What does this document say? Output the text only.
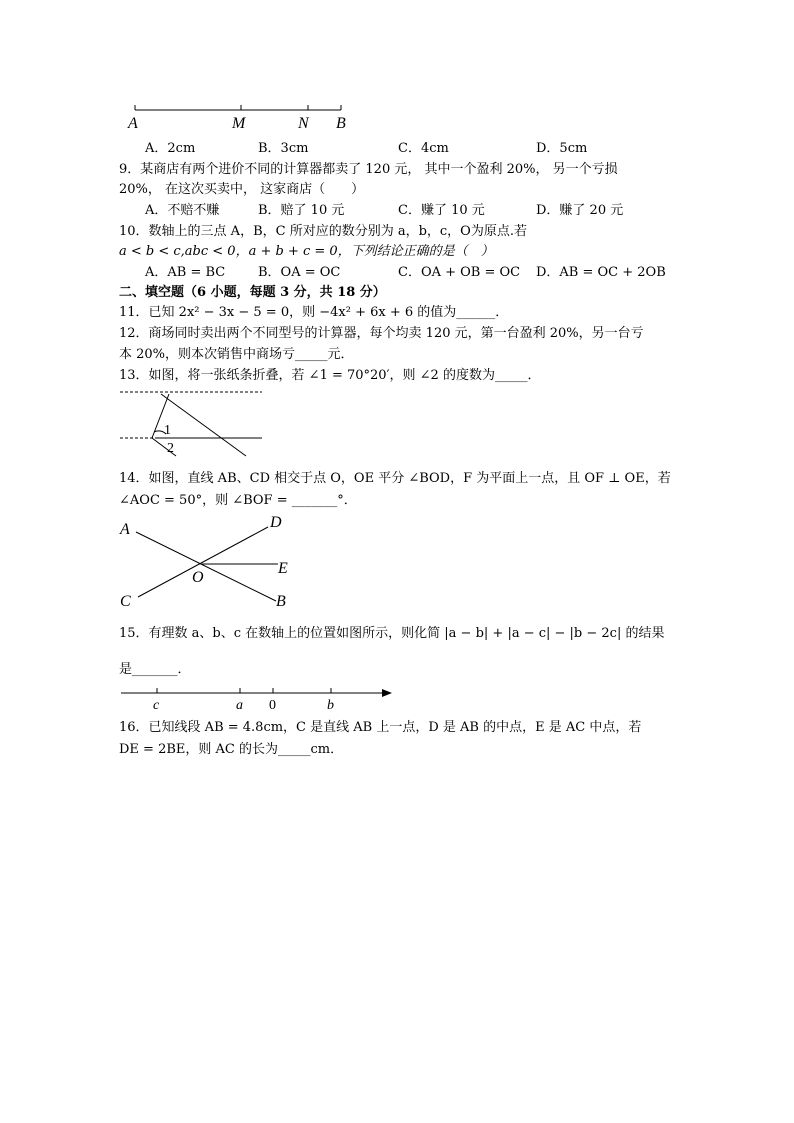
A	M	N B
A．2cm	B．3cm	C．4cm	D．5cm
9．某商店有两个进价不同的计算器都卖了 120 元， 其中一个盈利 20%， 另一个亏损
20%， 在这次买卖中， 这家商店（　　）
A．不赔不赚	B．赔了 10 元	C．赚了 10 元	D．赚了 20 元
10．数轴上的三点 A，B，C 所对应的数分别为 a，b，c，O为原点.若
a < b < c,abc < 0，a + b + c = 0，下列结论正确的是（　）
A．AB = BC	B．OA = OC	C．OA + OB = OC D．AB = OC + 2OB
二、填空题（6 小题，每题 3 分，共 18 分）
11．已知 2x² − 3x − 5 = 0，则 −4x² + 6x + 6 的值为______．
12．商场同时卖出两个不同型号的计算器，每个均卖 120 元，第一台盈利 20%，另一台亏
本 20%，则本次销售中商场亏_____元．
13．如图，将一张纸条折叠，若 ∠1 = 70°20′，则 ∠2 的度数为_____．
1
2
14．如图，直线 AB、CD 相交于点 O，OE 平分 ∠BOD，F 为平面上一点，且 OF ⊥ OE，若
∠AOC = 50°，则 ∠BOF = _______°．
A	D
E
O
C	B
15．有理数 a、b、c 在数轴上的位置如图所示，则化简 |a − b| + |a − c| − |b − 2c| 的结果
是_______．
c	a 0	b
16．已知线段 AB = 4.8cm，C 是直线 AB 上一点，D 是 AB 的中点，E 是 AC 中点，若
DE = 2BE，则 AC 的长为_____cm．
